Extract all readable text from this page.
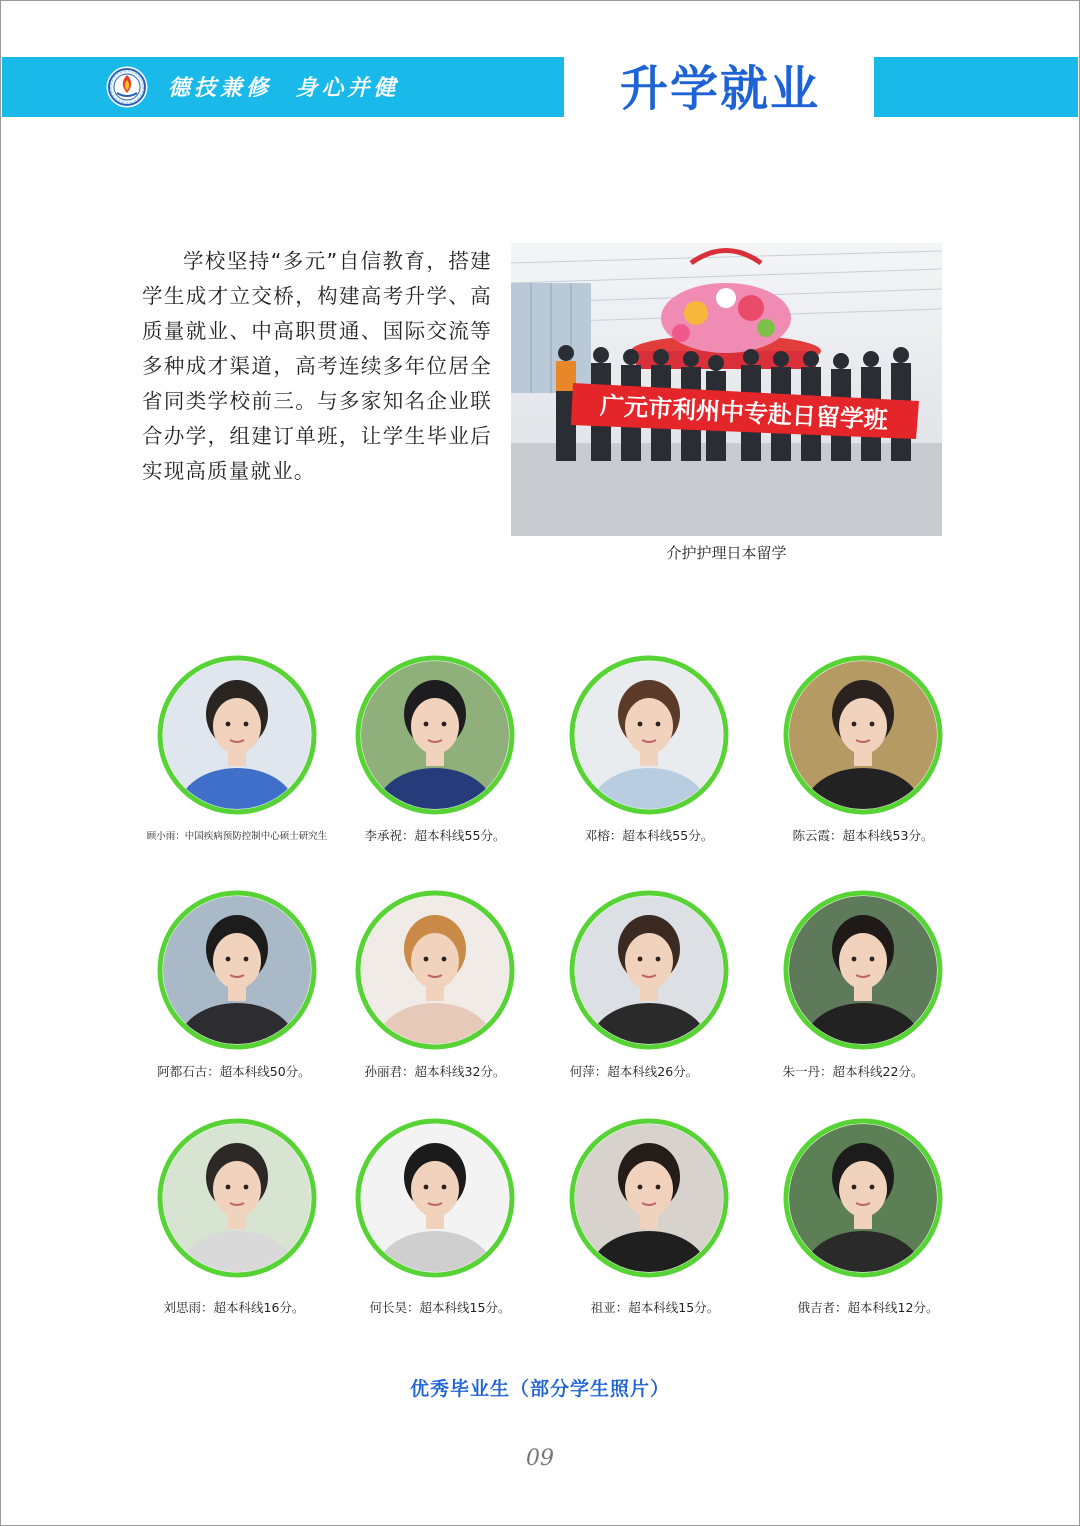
德技兼修  身心并健	升学就业

学校坚持“多元”自信教育，搭建学生成才立交桥，构建高考升学、高质量就业、中高职贯通、国际交流等多种成才渠道，高考连续多年位居全省同类学校前三。与多家知名企业联合办学，组建订单班，让学生毕业后实现高质量就业。

广元市利州中专赴日留学班
介护护理日本留学
顾小雨：中国疾病预防控制中心硕士研究生	李承祝：超本科线55分。	邓榕：超本科线55分。	陈云霞：超本科线53分。
阿都石古：超本科线50分。	孙丽君：超本科线32分。	何萍：超本科线26分。	朱一丹：超本科线22分。
刘思雨：超本科线16分。	何长昊：超本科线15分。	祖亚：超本科线15分。	俄吉者：超本科线12分。
优秀毕业生（部分学生照片）
09
